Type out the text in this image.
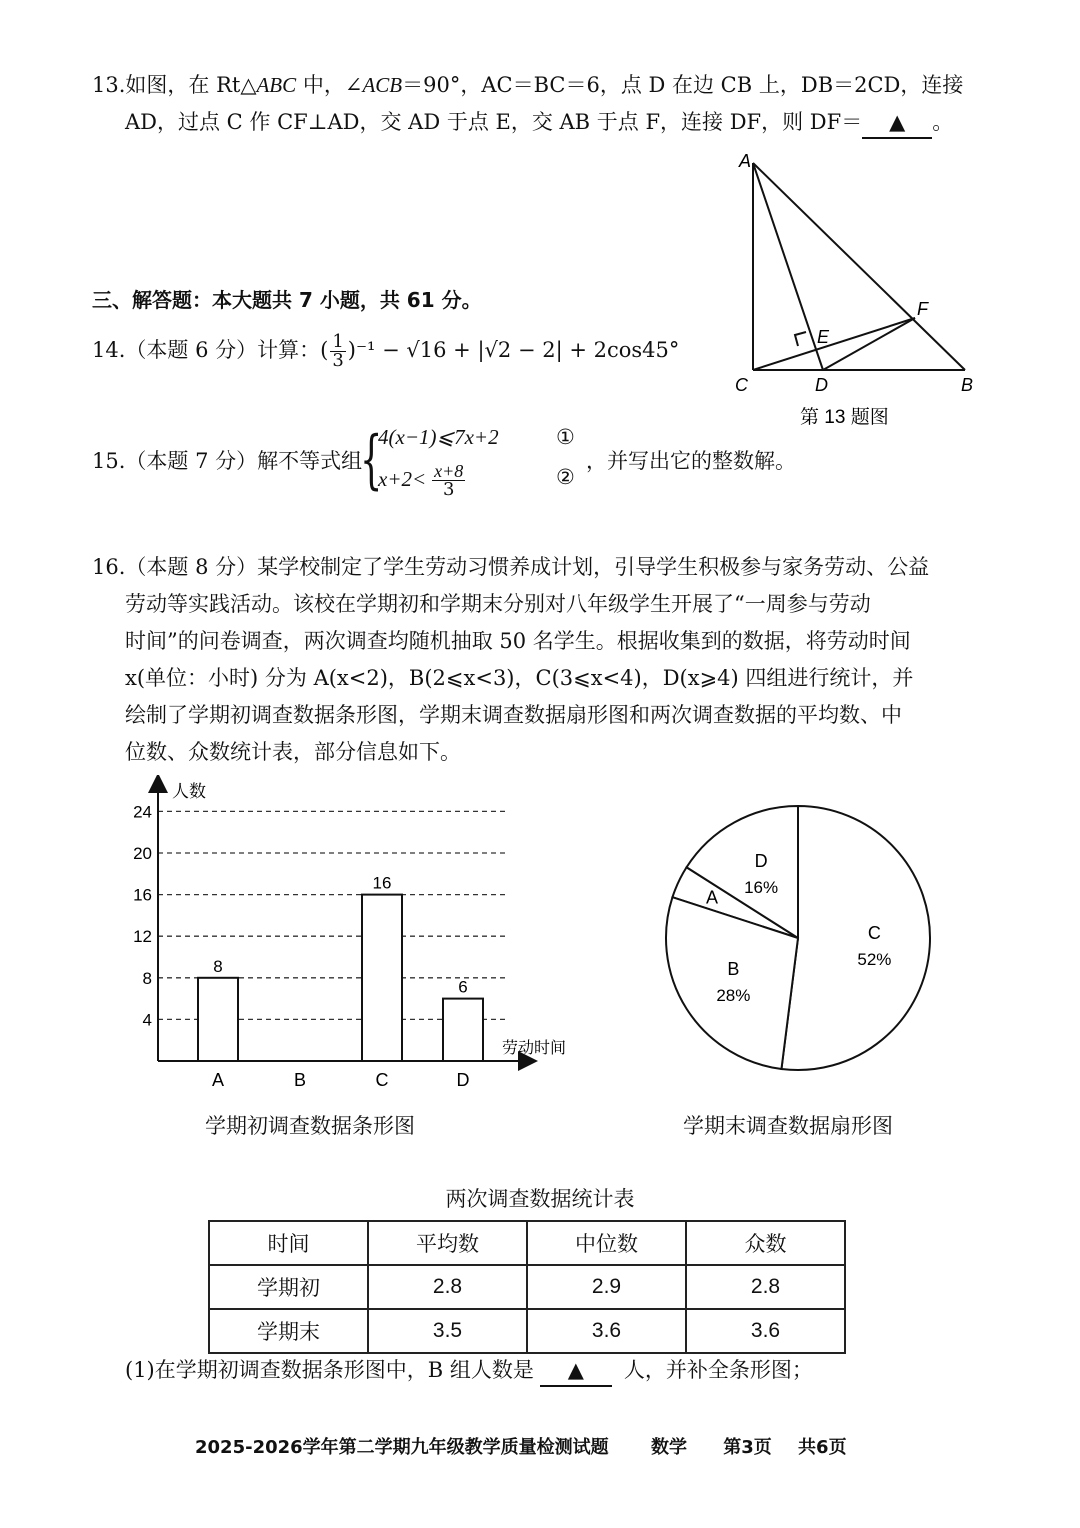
13.如图，在 Rt△ABC 中，∠ACB＝90°，AC＝BC＝6，点 D 在边 CB 上，DB＝2CD，连接
AD，过点 C 作 CF⊥AD，交 AD 于点 E，交 AB 于点 F，连接 DF，则 DF＝ ▲ 。
A
C	D	B
E
F
第 13 题图
三、解答题：本大题共 7 小题，共 61 分。
14.（本题 6 分）计算：( $\frac{1}{3} )^{-1} - √16 + |√2 - 2| + 2\cos 45^\circ$
15.（本题 7 分）解不等式组
{
4(x−1)⩽7x+2	①
$x+2< \frac{x+8}{3}$	②
，并写出它的整数解。
16.（本题 8 分）某学校制定了学生劳动习惯养成计划，引导学生积极参与家务劳动、公益
劳动等实践活动。该校在学期初和学期末分别对八年级学生开展了“一周参与劳动
时间”的问卷调查，两次调查均随机抽取 50 名学生。根据收集到的数据，将劳动时间
x(单位：小时) 分为 A(x<2)，B(2⩽x<3)，C(3⩽x<4)，D(x⩾4) 四组进行统计，并
绘制了学期初调查数据条形图，学期末调查数据扇形图和两次调查数据的平均数、中
位数、众数统计表，部分信息如下。
4
8
12
16
20
24
8
16
6
A	B	C	D
人数
劳动时间
学期初调查数据条形图
A
D
16%
C
52%
B
28%
学期末调查数据扇形图
两次调查数据统计表
时间	平均数	中位数	众数
学期初	2.8	2.9	2.8
学期末	3.5	3.6	3.6
(1)在学期初调查数据条形图中，B 组人数是 ▲ 人，并补全条形图；
2025-2026学年第二学期九年级教学质量检测试题 数学 第3页 共6页
